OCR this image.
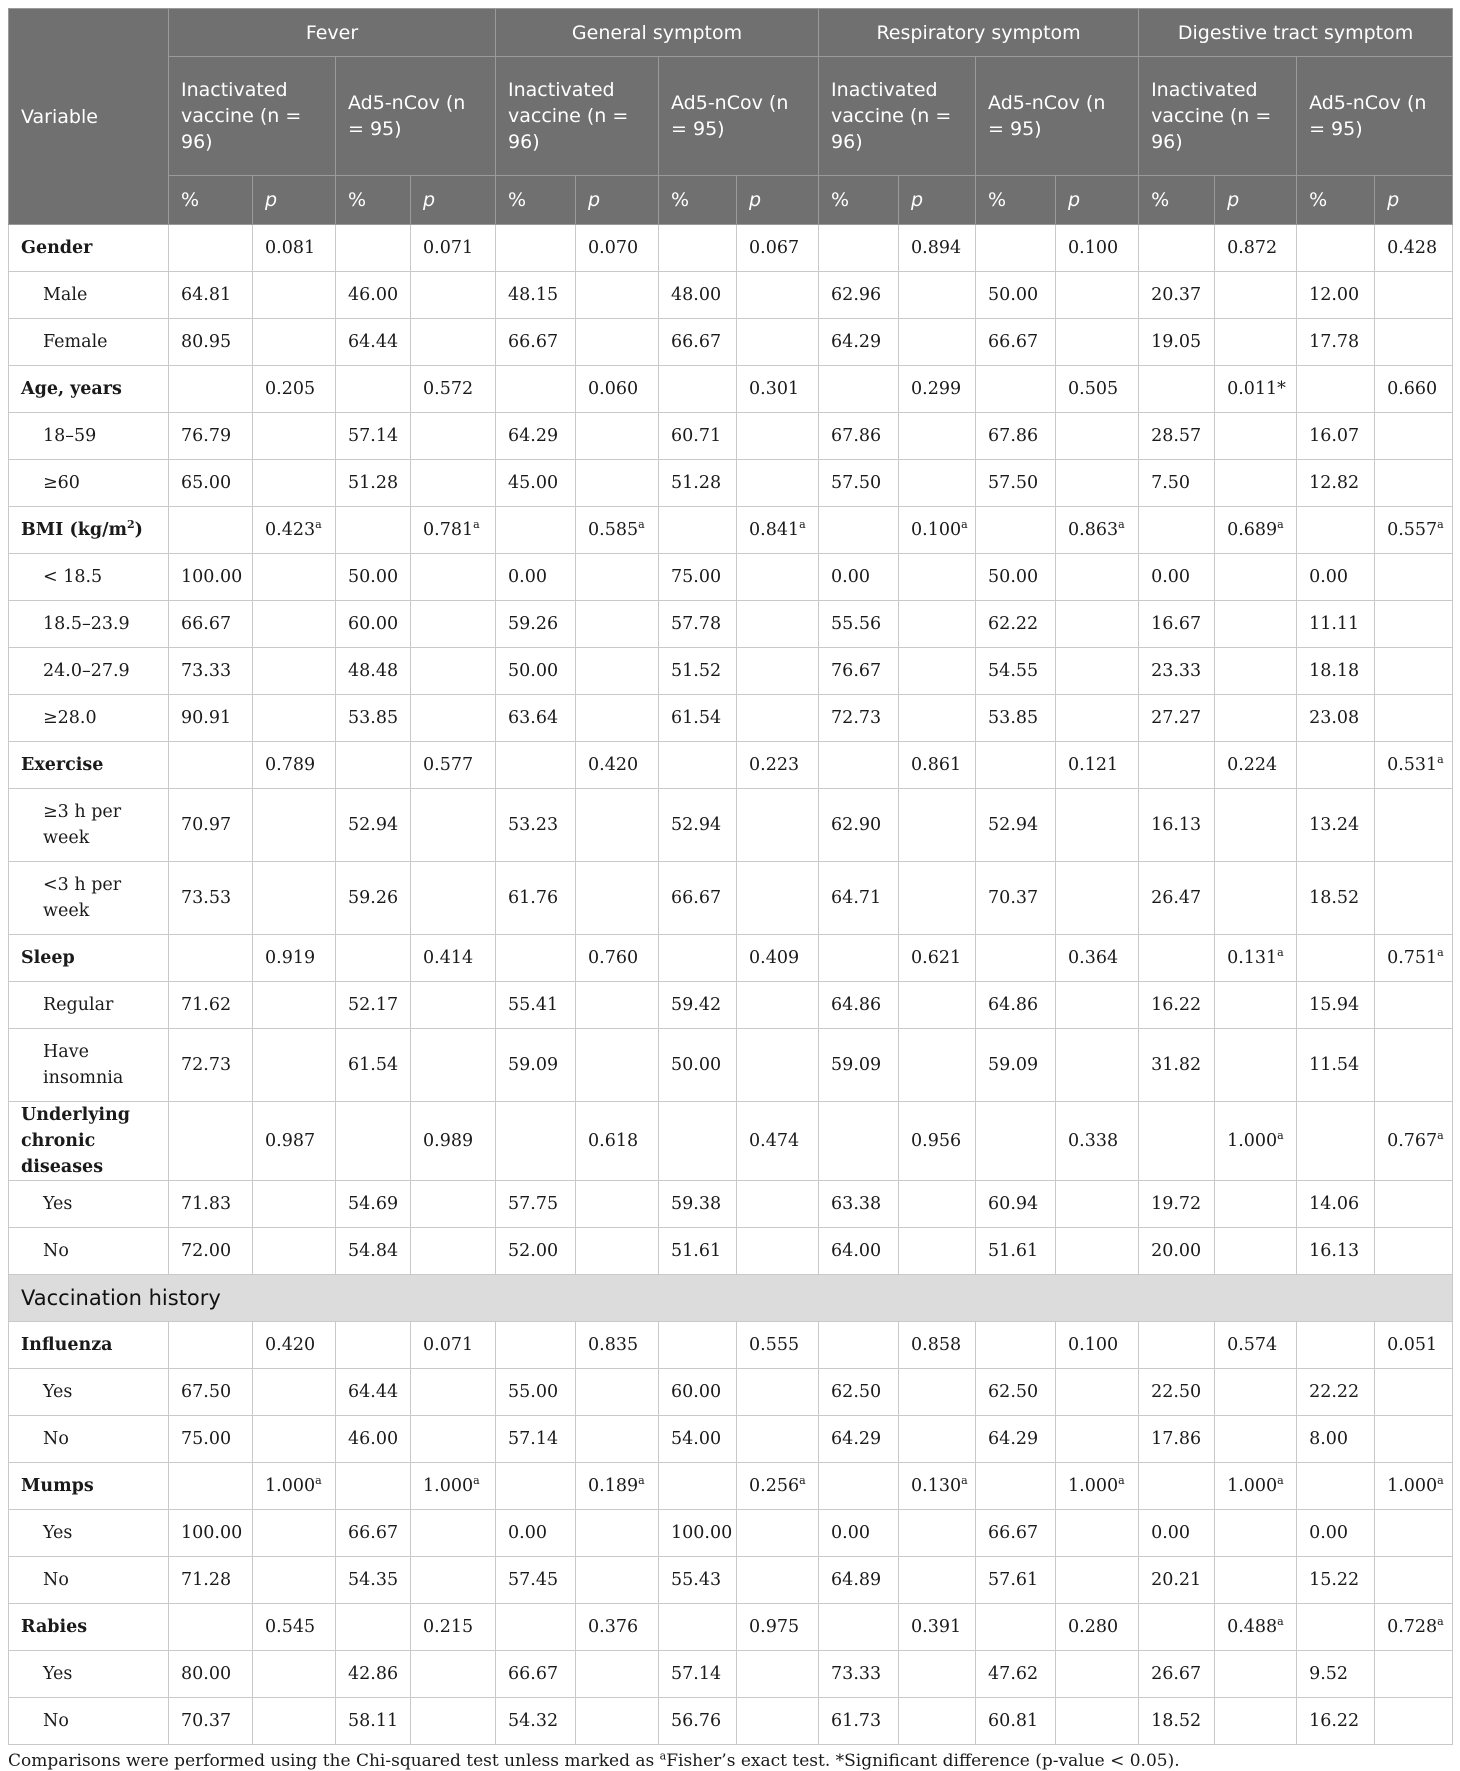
Variable	Fever				General symptom				Respiratory symptom				Digestive tract symptom			
	Inactivated vaccine (n = 96)		Ad5-nCov (n = 95)		Inactivated vaccine (n = 96)		Ad5-nCov (n = 95)		Inactivated vaccine (n = 96)		Ad5-nCov (n = 95)		Inactivated vaccine (n = 96)		Ad5-nCov (n = 95)	
	%	p	%	p	%	p	%	p	%	p	%	p	%	p	%	p
Gender		0.081		0.071		0.070		0.067		0.894		0.100		0.872		0.428
Male	64.81		46.00		48.15		48.00		62.96		50.00		20.37		12.00	
Female	80.95		64.44		66.67		66.67		64.29		66.67		19.05		17.78	
Age, years		0.205		0.572		0.060		0.301		0.299		0.505		0.011*		0.660
18–59	76.79		57.14		64.29		60.71		67.86		67.86		28.57		16.07	
≥60	65.00		51.28		45.00		51.28		57.50		57.50		7.50		12.82	
BMI $(kg/m^2)$		0.423$^a$		0.781$^a$		0.585$^a$		0.841$^a$		0.100$^a$		0.863$^a$		0.689$^a$		0.557$^a$
< 18.5	100.00		50.00		0.00		75.00		0.00		50.00		0.00		0.00	
18.5–23.9	66.67		60.00		59.26		57.78		55.56		62.22		16.67		11.11	
24.0–27.9	73.33		48.48		50.00		51.52		76.67		54.55		23.33		18.18	
≥28.0	90.91		53.85		63.64		61.54		72.73		53.85		27.27		23.08	
Exercise		0.789		0.577		0.420		0.223		0.861		0.121		0.224		0.531$^a$
≥3 h per week	70.97		52.94		53.23		52.94		62.90		52.94		16.13		13.24	
<3 h per week	73.53		59.26		61.76		66.67		64.71		70.37		26.47		18.52	
Sleep		0.919		0.414		0.760		0.409		0.621		0.364		0.131$^a$		0.751$^a$
Regular	71.62		52.17		55.41		59.42		64.86		64.86		16.22		15.94	
Have insomnia	72.73		61.54		59.09		50.00		59.09		59.09		31.82		11.54	
Underlying chronic diseases		0.987		0.989		0.618		0.474		0.956		0.338		1.000$^a$		0.767$^a$
Yes	71.83		54.69		57.75		59.38		63.38		60.94		19.72		14.06	
No	72.00		54.84		52.00		51.61		64.00		51.61		20.00		16.13	
Vaccination history																
Influenza		0.420		0.071		0.835		0.555		0.858		0.100		0.574		0.051
Yes	67.50		64.44		55.00		60.00		62.50		62.50		22.50		22.22	
No	75.00		46.00		57.14		54.00		64.29		64.29		17.86		8.00	
Mumps		1.000$^a$		1.000$^a$		0.189$^a$		0.256$^a$		0.130$^a$		1.000$^a$		1.000$^a$		1.000$^a$
Yes	100.00		66.67		0.00		100.00		0.00		66.67		0.00		0.00	
No	71.28		54.35		57.45		55.43		64.89		57.61		20.21		15.22	
Rabies		0.545		0.215		0.376		0.975		0.391		0.280		0.488$^a$		0.728$^a$
Yes	80.00		42.86		66.67		57.14		73.33		47.62		26.67		9.52	
No	70.37		58.11		54.32		56.76		61.73		60.81		18.52		16.22	
Comparisons were performed using the Chi-squared test unless marked as $^a$Fisher’s exact test. *Significant difference (p-value < 0.05).
